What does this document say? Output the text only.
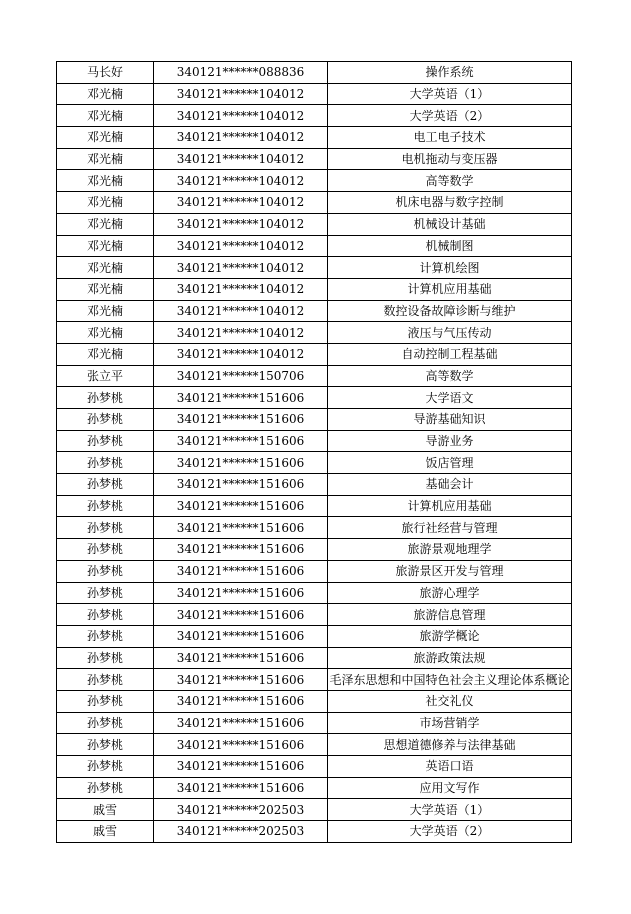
马长好	340121******088836	操作系统
邓光楠	340121******104012	大学英语（1）
邓光楠	340121******104012	大学英语（2）
邓光楠	340121******104012	电工电子技术
邓光楠	340121******104012	电机拖动与变压器
邓光楠	340121******104012	高等数学
邓光楠	340121******104012	机床电器与数字控制
邓光楠	340121******104012	机械设计基础
邓光楠	340121******104012	机械制图
邓光楠	340121******104012	计算机绘图
邓光楠	340121******104012	计算机应用基础
邓光楠	340121******104012	数控设备故障诊断与维护
邓光楠	340121******104012	液压与气压传动
邓光楠	340121******104012	自动控制工程基础
张立平	340121******150706	高等数学
孙梦桃	340121******151606	大学语文
孙梦桃	340121******151606	导游基础知识
孙梦桃	340121******151606	导游业务
孙梦桃	340121******151606	饭店管理
孙梦桃	340121******151606	基础会计
孙梦桃	340121******151606	计算机应用基础
孙梦桃	340121******151606	旅行社经营与管理
孙梦桃	340121******151606	旅游景观地理学
孙梦桃	340121******151606	旅游景区开发与管理
孙梦桃	340121******151606	旅游心理学
孙梦桃	340121******151606	旅游信息管理
孙梦桃	340121******151606	旅游学概论
孙梦桃	340121******151606	旅游政策法规
孙梦桃	340121******151606	毛泽东思想和中国特色社会主义理论体系概论
孙梦桃	340121******151606	社交礼仪
孙梦桃	340121******151606	市场营销学
孙梦桃	340121******151606	思想道德修养与法律基础
孙梦桃	340121******151606	英语口语
孙梦桃	340121******151606	应用文写作
戚雪	340121******202503	大学英语（1）
戚雪	340121******202503	大学英语（2）
